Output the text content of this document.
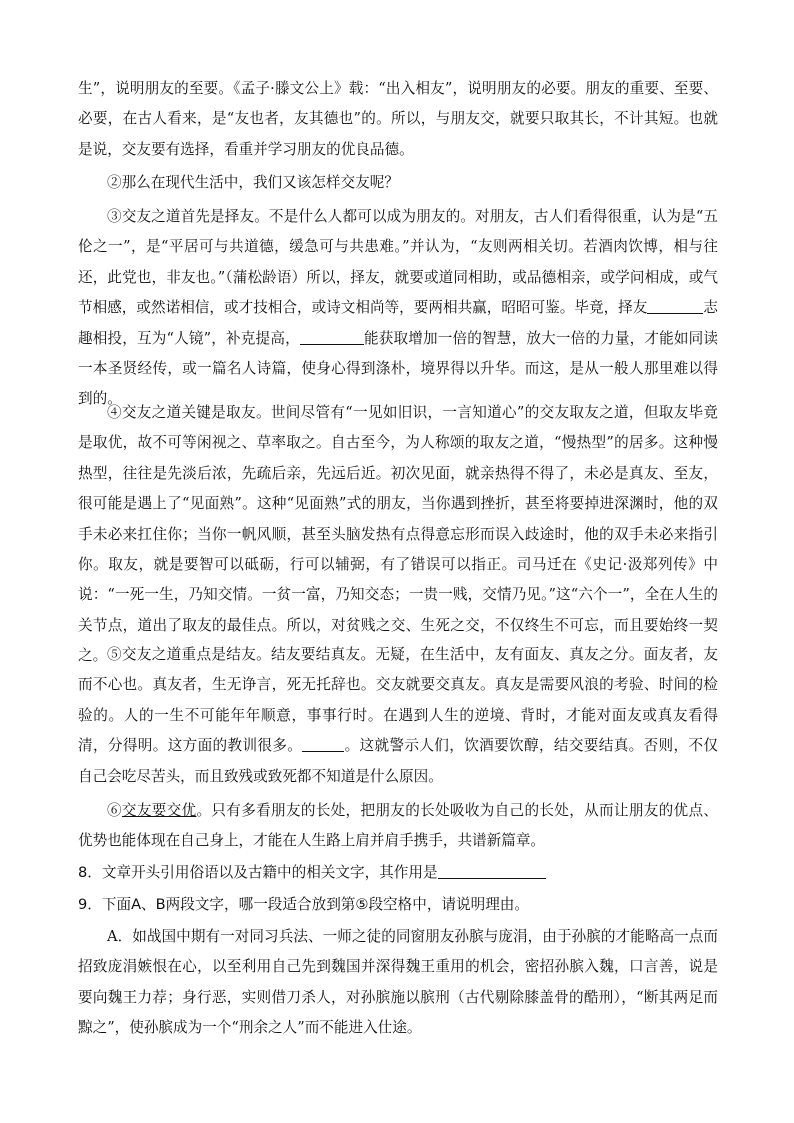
生”，说明朋友的至要。《孟子·滕文公上》载：“出入相友”，说明朋友的必要。朋友的重要、至要、必要，在古人看来，是“友也者，友其德也”的。所以，与朋友交，就要只取其长，不计其短。也就是说，交友要有选择，看重并学习朋友的优良品德。

②那么在现代生活中，我们又该怎样交友呢？

③交友之道首先是择友。不是什么人都可以成为朋友的。对朋友，古人们看得很重，认为是“五伦之一”，是“平居可与共道德，缓急可与共患难。”并认为，“友则两相关切。若酒肉饮博，相与往还，此党也，非友也。”（蒲松龄语）所以，择友，就要或道同相助，或品德相亲，或学问相成，或气节相感，或然诺相信，或才技相合，或诗文相尚等，要两相共赢，昭昭可鉴。毕竟，择友	志趣相投，互为“人镜”，补克提高，	能获取增加一倍的智慧，放大一倍的力量，才能如同读一本圣贤经传，或一篇名人诗篇，使身心得到涤朴，境界得以升华。而这，是从一般人那里难以得到的。

④交友之道关键是取友。世间尽管有“一见如旧识，一言知道心”的交友取友之道，但取友毕竟是取优，故不可等闲视之、草率取之。自古至今，为人称颂的取友之道，“慢热型”的居多。这种慢热型，往往是先淡后浓，先疏后亲，先远后近。初次见面，就亲热得不得了，未必是真友、至友，很可能是遇上了“见面熟”。这种“见面熟”式的朋友，当你遇到挫折，甚至将要掉进深渊时，他的双手未必来扛住你；当你一帆风顺，甚至头脑发热有点得意忘形而误入歧途时，他的双手未必来指引你。取友，就是要智可以砥砺，行可以辅弼，有了错误可以指正。司马迁在《史记·汲郑列传》中说：“一死一生，乃知交情。一贫一富，乃知交态；一贵一贱，交情乃见。”这“六个一”，全在人生的关节点，道出了取友的最佳点。所以，对贫贱之交、生死之交，不仅终生不可忘，而且要始终一契之。 ⑤交友之道重点是结友。结友要结真友。无疑，在生活中，友有面友、真友之分。面友者，友而不心也。真友者，生无诤言，死无托辞也。交友就要交真友。真友是需要风浪的考验、时间的检验的。人的一生不可能年年顺意，事事行时。在遇到人生的逆境、背时，才能对面友或真友看得清，分得明。这方面的教训很多。	。这就警示人们，饮酒要饮醇，结交要结真。否则，不仅自己会吃尽苦头，而且致残或致死都不知道是什么原因。

⑥交友要交优。只有多看朋友的长处，把朋友的长处吸收为自己的长处，从而让朋友的优点、优势也能体现在自己身上，才能在人生路上肩并肩手携手，共谱新篇章。

8．文章开头引用俗语以及古籍中的相关文字，其作用是

9．下面A、B两段文字，哪一段适合放到第⑤段空格中，请说明理由。

A．如战国中期有一对同习兵法、一师之徒的同窗朋友孙膑与庞涓，由于孙膑的才能略高一点而招致庞涓嫉恨在心，以至利用自己先到魏国并深得魏王重用的机会，密招孙膑入魏，口言善，说是要向魏王力荐；身行恶，实则借刀杀人，对孙膑施以膑刑（古代剔除膝盖骨的酷刑），“断其两足而黥之”，使孙膑成为一个“刑余之人”而不能进入仕途。
